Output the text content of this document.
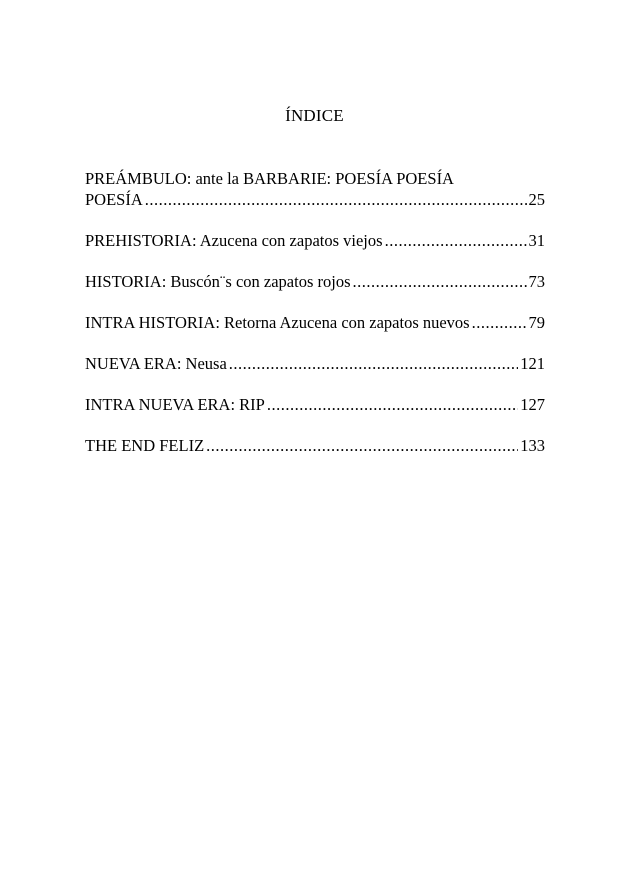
ÍNDICE
PREÁMBULO: ante la BARBARIE: POESÍA POESÍA
POESÍA .....	25
PREHISTORIA: Azucena con zapatos viejos .....	31
HISTORIA: Buscón¨s con zapatos rojos .....	73
INTRA HISTORIA: Retorna Azucena con zapatos nuevos .....	79
NUEVA ERA: Neusa .....	121
INTRA NUEVA ERA: RIP .....	127
THE END FELIZ .....	133
